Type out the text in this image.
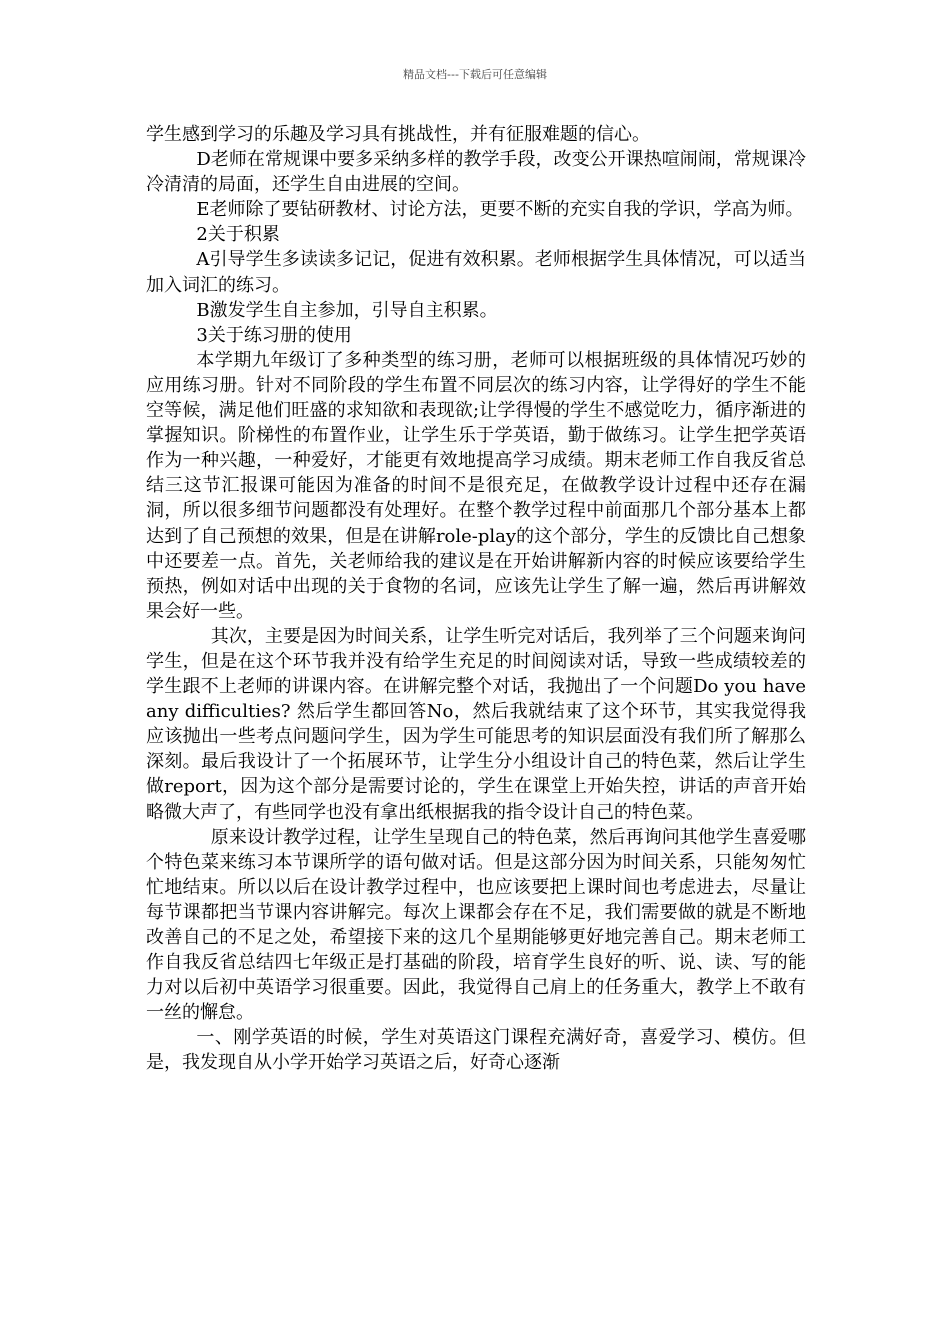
精品文档---下载后可任意编辑

学生感到学习的乐趣及学习具有挑战性，并有征服难题的信心。

D老师在常规课中要多采纳多样的教学手段，改变公开课热喧闹闹，常规课冷冷清清的局面，还学生自由进展的空间。

E老师除了要钻研教材、讨论方法，更要不断的充实自我的学识，学高为师。

2关于积累

A引导学生多读读多记记，促进有效积累。老师根据学生具体情况，可以适当加入词汇的练习。

B激发学生自主参加，引导自主积累。

3关于练习册的使用

本学期九年级订了多种类型的练习册，老师可以根据班级的具体情况巧妙的应用练习册。针对不同阶段的学生布置不同层次的练习内容，让学得好的学生不能空等候，满足他们旺盛的求知欲和表现欲;让学得慢的学生不感觉吃力，循序渐进的掌握知识。阶梯性的布置作业，让学生乐于学英语，勤于做练习。让学生把学英语作为一种兴趣，一种爱好，才能更有效地提高学习成绩。期末老师工作自我反省总结三这节汇报课可能因为准备的时间不是很充足，在做教学设计过程中还存在漏洞，所以很多细节问题都没有处理好。在整个教学过程中前面那几个部分基本上都达到了自己预想的效果，但是在讲解role-play的这个部分，学生的反馈比自己想象中还要差一点。首先，关老师给我的建议是在开始讲解新内容的时候应该要给学生预热，例如对话中出现的关于食物的名词，应该先让学生了解一遍，然后再讲解效果会好一些。

其次，主要是因为时间关系，让学生听完对话后，我列举了三个问题来询问学生，但是在这个环节我并没有给学生充足的时间阅读对话，导致一些成绩较差的学生跟不上老师的讲课内容。在讲解完整个对话，我抛出了一个问题Do you have any difficulties? 然后学生都回答No，然后我就结束了这个环节，其实我觉得我应该抛出一些考点问题问学生，因为学生可能思考的知识层面没有我们所了解那么深刻。最后我设计了一个拓展环节，让学生分小组设计自己的特色菜，然后让学生做report，因为这个部分是需要讨论的，学生在课堂上开始失控，讲话的声音开始略微大声了，有些同学也没有拿出纸根据我的指令设计自己的特色菜。

原来设计教学过程，让学生呈现自己的特色菜，然后再询问其他学生喜爱哪个特色菜来练习本节课所学的语句做对话。但是这部分因为时间关系，只能匆匆忙忙地结束。所以以后在设计教学过程中，也应该要把上课时间也考虑进去，尽量让每节课都把当节课内容讲解完。每次上课都会存在不足，我们需要做的就是不断地改善自己的不足之处，希望接下来的这几个星期能够更好地完善自己。期末老师工作自我反省总结四七年级正是打基础的阶段，培育学生良好的听、说、读、写的能力对以后初中英语学习很重要。因此，我觉得自己肩上的任务重大，教学上不敢有一丝的懈怠。

一、刚学英语的时候，学生对英语这门课程充满好奇，喜爱学习、模仿。但是，我发现自从小学开始学习英语之后，好奇心逐渐
